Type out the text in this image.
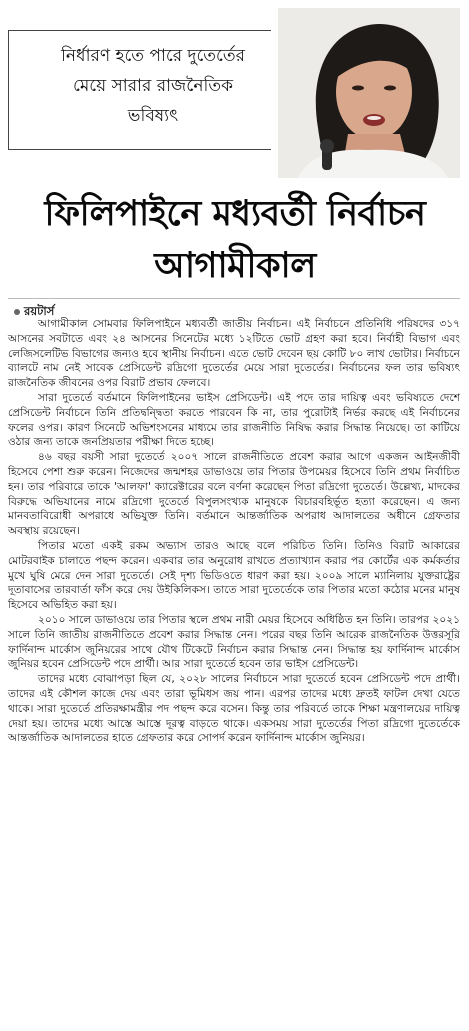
নির্ধারণ হতে পারে দুতের্তের
মেয়ে সারার রাজনৈতিক
ভবিষ্যৎ
ফিলিপাইনে মধ্যবর্তী নির্বাচন
আগামীকাল
রয়টার্স

আগামীকাল সোমবার ফিলিপাইনে মধ্যবর্তী জাতীয় নির্বাচন। এই নির্বাচনে প্রতিনিধি পরিষদের ৩১৭ আসনের সবটাতে এবং ২৪ আসনের সিনেটের মধ্যে ১২টিতে ভোট গ্রহণ করা হবে। নির্বাহী বিভাগ এবং লেজিসলেটিভ বিভাগের জন্যও হবে স্থানীয় নির্বাচন। এতে ভোট দেবেন ছয় কোটি ৮০ লাখ ভোটার। নির্বাচনে ব্যালটে নাম নেই সাবেক প্রেসিডেন্ট রদ্রিগো দুতের্তের মেয়ে সারা দুতের্তের। নির্বাচনের ফল তার ভবিষ্যৎ রাজনৈতিক জীবনের ওপর বিরাট প্রভাব ফেলবে।

সারা দুতের্তে বর্তমানে ফিলিপাইনের ভাইস প্রেসিডেন্ট। এই পদে তার দায়িত্ব এবং ভবিষ্যতে দেশে প্রেসিডেন্ট নির্বাচনে তিনি প্রতিদ্বন্দ্বিতা করতে পারবেন কি না, তার পুরোটাই নির্ভর করছে এই নির্বাচনের ফলের ওপর। কারণ সিনেটে অভিশংসনের মাধ্যমে তার রাজনীতি নিষিদ্ধ করার সিদ্ধান্ত নিয়েছে। তা কাটিয়ে ওঠার জন্য তাকে জনপ্রিয়তার পরীক্ষা দিতে হচ্ছে।

৪৬ বছর বয়সী সারা দুতের্তে ২০০৭ সালে রাজনীতিতে প্রবেশ করার আগে একজন আইনজীবী হিসেবে পেশা শুরু করেন। নিজেদের জন্মশহর ডাভাওয়ে তার পিতার উপমেয়র হিসেবে তিনি প্রথম নির্বাচিত হন। তার পরিবারে তাকে 'আলফা' ক্যারেক্টারের বলে বর্ণনা করেছেন পিতা রদ্রিগো দুতের্তে। উল্লেখ্য, মাদকের বিরুদ্ধে অভিযানের নামে রদ্রিগো দুতের্তে বিপুলসংখ্যক মানুষকে বিচারবহির্ভূত হত্যা করেছেন। এ জন্য মানবতাবিরোধী অপরাধে অভিযুক্ত তিনি। বর্তমানে আন্তর্জাতিক অপরাধ আদালতের অধীনে গ্রেফতার অবস্থায় রয়েছেন।

পিতার মতো একই রকম অভ্যাস তারও আছে বলে পরিচিত তিনি। তিনিও বিরাট আকারের মোটরবাইক চালাতে পছন্দ করেন। একবার তার অনুরোধ রাখতে প্রত্যাখ্যান করার পর কোর্টের এক কর্মকর্তার মুখে ঘুষি মেরে দেন সারা দুতের্তে। সেই দৃশ্য ভিডিওতে ধারণ করা হয়। ২০০৯ সালে ম্যানিলায় যুক্তরাষ্ট্রের দূতাবাসের তারবার্তা ফাঁস করে দেয় উইকিলিকস। তাতে সারা দুতের্তেকে তার পিতার মতো কঠোর মনের মানুষ হিসেবে অভিহিত করা হয়।

২০১০ সালে ডাভাওয়ে তার পিতার স্থলে প্রথম নারী মেয়র হিসেবে অধিষ্ঠিত হন তিনি। তারপর ২০২১ সালে তিনি জাতীয় রাজনীতিতে প্রবেশ করার সিদ্ধান্ত নেন। পরের বছর তিনি আরেক রাজনৈতিক উত্তরসূরি ফার্দিনান্দ মার্কোস জুনিয়রের সাথে যৌথ টিকেটে নির্বাচন করার সিদ্ধান্ত নেন। সিদ্ধান্ত হয় ফার্দিনান্দ মার্কোস জুনিয়র হবেন প্রেসিডেন্ট পদে প্রার্থী। আর সারা দুতের্তে হবেন তার ভাইস প্রেসিডেন্ট।

তাদের মধ্যে বোঝাপড়া ছিল যে, ২০২৮ সালের নির্বাচনে সারা দুতের্তে হবেন প্রেসিডেন্ট পদে প্রার্থী। তাদের এই কৌশল কাজে দেয় এবং তারা ভূমিধস জয় পান। এরপর তাদের মধ্যে দ্রুতই ফাটল দেখা যেতে থাকে। সারা দুতের্তে প্রতিরক্ষামন্ত্রীর পদ পছন্দ করে বসেন। কিন্তু তার পরিবর্তে তাকে শিক্ষা মন্ত্রণালয়ের দায়িত্ব দেয়া হয়। তাদের মধ্যে আস্তে আস্তে দূরত্ব বাড়তে থাকে। একসময় সারা দুতের্তের পিতা রদ্রিগো দুতের্তেকে আন্তর্জাতিক আদালতের হাতে গ্রেফতার করে সোপর্দ করেন ফার্দিনান্দ মার্কোস জুনিয়র।
